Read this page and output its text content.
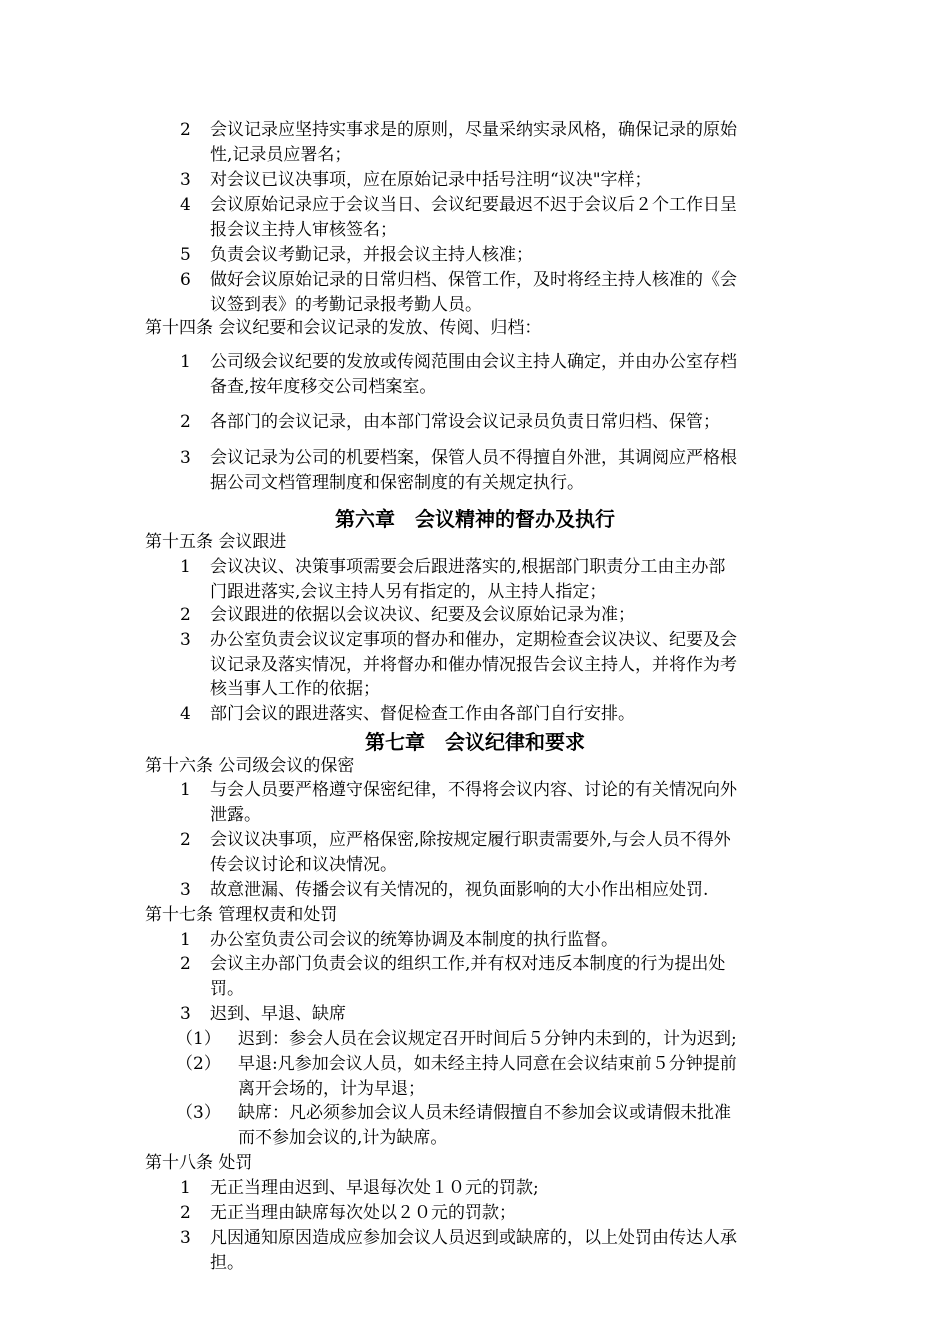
2 会议记录应坚持实事求是的原则，尽量采纳实录风格，确保记录的原始
性,记录员应署名；
3 对会议已议决事项，应在原始记录中括号注明“议决"字样；
4 会议原始记录应于会议当日、会议纪要最迟不迟于会议后２个工作日呈
报会议主持人审核签名；
5 负责会议考勤记录，并报会议主持人核准；
6 做好会议原始记录的日常归档、保管工作，及时将经主持人核准的《会
议签到表》的考勤记录报考勤人员。
第十四条 会议纪要和会议记录的发放、传阅、归档：
1 公司级会议纪要的发放或传阅范围由会议主持人确定，并由办公室存档
备查,按年度移交公司档案室。
2 各部门的会议记录，由本部门常设会议记录员负责日常归档、保管；
3 会议记录为公司的机要档案，保管人员不得擅自外泄，其调阅应严格根
据公司文档管理制度和保密制度的有关规定执行。
第六章　会议精神的督办及执行
第十五条 会议跟进
1 会议决议、决策事项需要会后跟进落实的,根据部门职责分工由主办部
门跟进落实,会议主持人另有指定的，从主持人指定；
2 会议跟进的依据以会议决议、纪要及会议原始记录为准；
3 办公室负责会议议定事项的督办和催办，定期检查会议决议、纪要及会
议记录及落实情况，并将督办和催办情况报告会议主持人，并将作为考
核当事人工作的依据；
4 部门会议的跟进落实、督促检查工作由各部门自行安排。
第七章　会议纪律和要求
第十六条 公司级会议的保密
1 与会人员要严格遵守保密纪律，不得将会议内容、讨论的有关情况向外
泄露。
2 会议议决事项，应严格保密,除按规定履行职责需要外,与会人员不得外
传会议讨论和议决情况。
3 故意泄漏、传播会议有关情况的，视负面影响的大小作出相应处罚.
第十七条 管理权责和处罚
1 办公室负责公司会议的统筹协调及本制度的执行监督。
2 会议主办部门负责会议的组织工作,并有权对违反本制度的行为提出处
罚。
3 迟到、早退、缺席
（1） 迟到：参会人员在会议规定召开时间后５分钟内未到的，计为迟到;
（2） 早退:凡参加会议人员，如未经主持人同意在会议结束前５分钟提前
离开会场的，计为早退；
（3） 缺席：凡必须参加会议人员未经请假擅自不参加会议或请假未批准
而不参加会议的,计为缺席。
第十八条 处罚
1 无正当理由迟到、早退每次处１０元的罚款;
2 无正当理由缺席每次处以２０元的罚款；
3 凡因通知原因造成应参加会议人员迟到或缺席的，以上处罚由传达人承
担。
